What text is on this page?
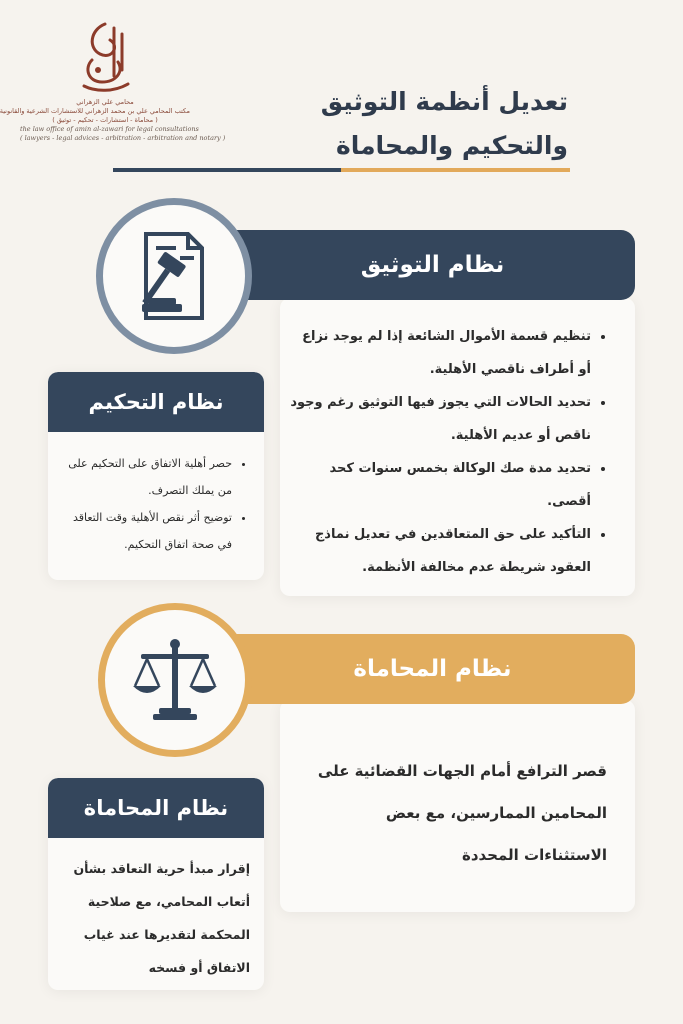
محامي علي الزهراني
مكتب المحامي علي بن محمد الزهراني للاستشارات الشرعية والقانونية
( محاماة - استشارات - تحكيم - توثيق )
the law office of amin al-zawari for legal consultations
( lawyers - legal advices - arbitration - arbitration and notary )
تعديل أنظمة التوثيق
والتحكيم والمحاماة
• تنظيم قسمة الأموال الشائعة إذا لم يوجد نزاع أو أطراف ناقصي الأهلية.
• تحديد الحالات التي يجوز فيها التوثيق رغم وجود ناقص أو عديم الأهلية.
• تحديد مدة صك الوكالة بخمس سنوات كحد أقصى.
• التأكيد على حق المتعاقدين في تعديل نماذج العقود شريطة عدم مخالفة الأنظمة.
نظام التوثيق
نظام التحكيم
• حصر أهلية الاتفاق على التحكيم على من يملك التصرف.
• توضيح أثر نقص الأهلية وقت التعاقد في صحة اتفاق التحكيم.
قصر الترافع أمام الجهات القضائية على المحامين الممارسين، مع بعض الاستثناءات المحددة
نظام المحاماة
نظام المحاماة
إقرار مبدأ حرية التعاقد بشأن أتعاب المحامي، مع صلاحية المحكمة لتقديرها عند غياب الاتفاق أو فسخه
